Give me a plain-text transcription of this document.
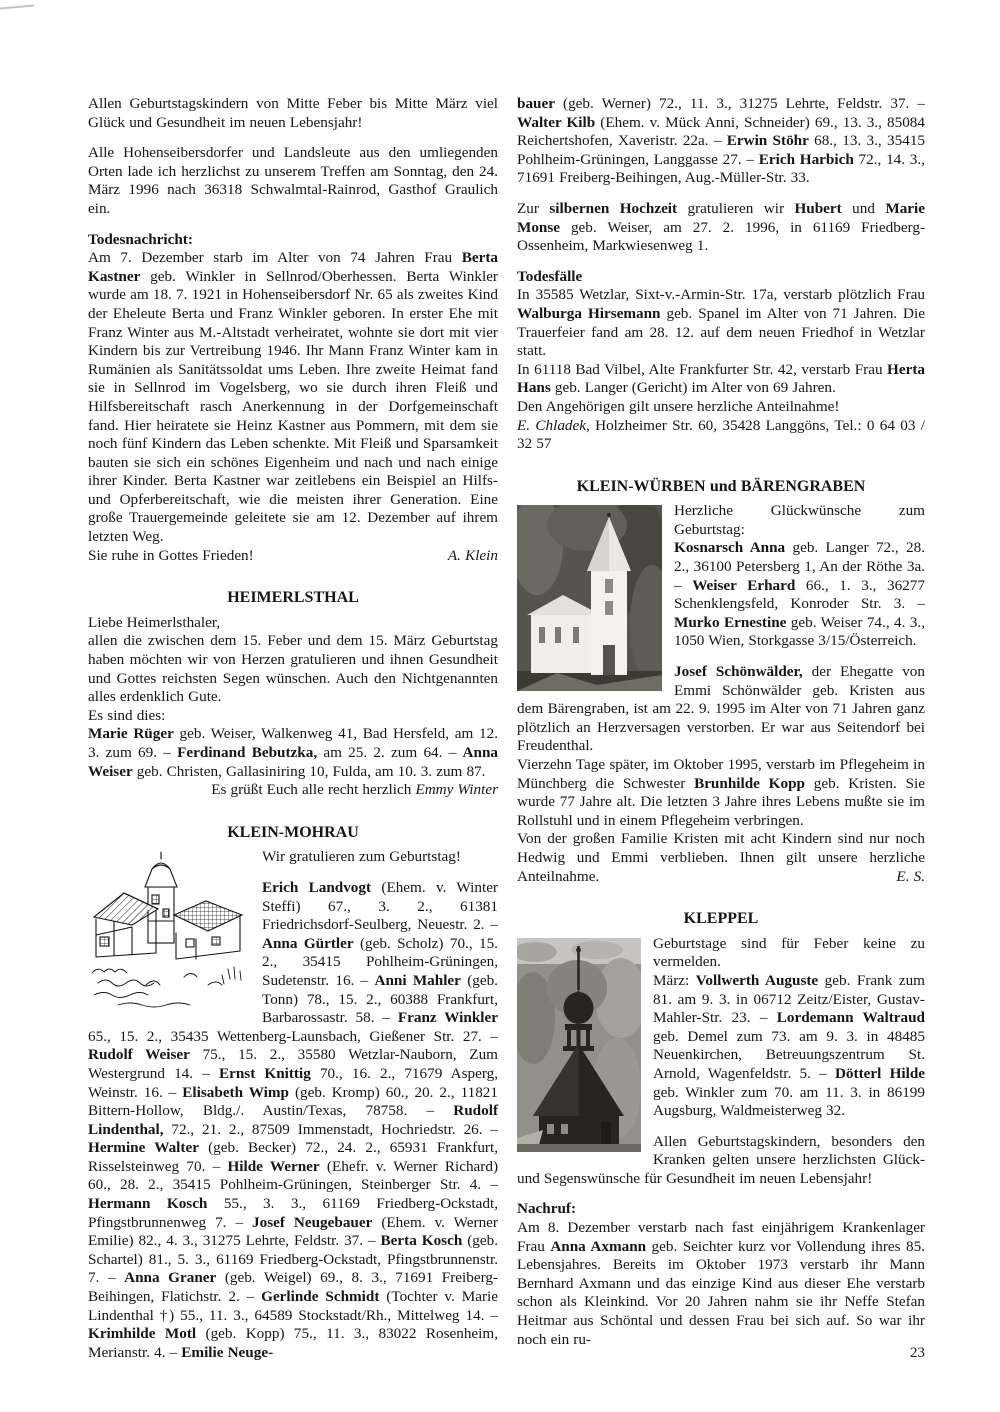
Allen Geburtstagskindern von Mitte Feber bis Mitte März viel Glück und Gesundheit im neuen Lebensjahr!

Alle Hohenseibersdorfer und Landsleute aus den umliegenden Orten lade ich herzlichst zu unserem Treffen am Sonntag, den 24. März 1996 nach 36318 Schwalmtal-Rainrod, Gasthof Graulich ein.

Todesnachricht:

Am 7. Dezember starb im Alter von 74 Jahren Frau Berta Kastner geb. Winkler in Sellnrod/Oberhessen. Berta Winkler wurde am 18. 7. 1921 in Hohenseibersdorf Nr. 65 als zweites Kind der Eheleute Berta und Franz Winkler geboren. In erster Ehe mit Franz Winter aus M.-Altstadt verheiratet, wohnte sie dort mit vier Kindern bis zur Vertreibung 1946. Ihr Mann Franz Winter kam in Rumänien als Sanitätssoldat ums Leben. Ihre zweite Heimat fand sie in Sellnrod im Vogelsberg, wo sie durch ihren Fleiß und Hilfsbereitschaft rasch Anerkennung in der Dorfgemeinschaft fand. Hier heiratete sie Heinz Kastner aus Pommern, mit dem sie noch fünf Kindern das Leben schenkte. Mit Fleiß und Sparsamkeit bauten sie sich ein schönes Eigenheim und nach und nach einige ihrer Kinder. Berta Kastner war zeitlebens ein Beispiel an Hilfs- und Opferbereitschaft, wie die meisten ihrer Generation. Eine große Trauergemeinde geleitete sie am 12. Dezember auf ihrem letzten Weg.

Sie ruhe in Gottes Frieden!	A. Klein

HEIMERLSTHAL

Liebe Heimerlsthaler,

allen die zwischen dem 15. Feber und dem 15. März Geburtstag haben möchten wir von Herzen gratulieren und ihnen Gesundheit und Gottes reichsten Segen wünschen. Auch den Nichtgenannten alles erdenklich Gute.

Es sind dies:

Marie Rüger geb. Weiser, Walkenweg 41, Bad Hersfeld, am 12. 3. zum 69. – Ferdinand Bebutzka, am 25. 2. zum 64. – Anna Weiser geb. Christen, Gallasiniring 10, Fulda, am 10. 3. zum 87.

Es grüßt Euch alle recht herzlich Emmy Winter

KLEIN-MOHRAU

Wir gratulieren zum Geburtstag!

Erich Landvogt (Ehem. v. Winter Steffi) 67., 3. 2., 61381 Friedrichsdorf-Seulberg, Neuestr. 2. – Anna Gürtler (geb. Scholz) 70., 15. 2., 35415 Pohlheim-Grüningen, Sudetenstr. 16. – Anni Mahler (geb. Tonn) 78., 15. 2., 60388 Frankfurt, Barbarossastr. 58. – Franz Winkler 65., 15. 2., 35435 Wettenberg-Launsbach, Gießener Str. 27. – Rudolf Weiser 75., 15. 2., 35580 Wetzlar-Nauborn, Zum Westergrund 14. – Ernst Knittig 70., 16. 2., 71679 Asperg, Weinstr. 16. – Elisabeth Wimp (geb. Kromp) 60., 20. 2., 11821 Bittern-Hollow, Bldg./. Austin/Texas, 78758. – Rudolf Lindenthal, 72., 21. 2., 87509 Immenstadt, Hochriedstr. 26. – Hermine Walter (geb. Becker) 72., 24. 2., 65931 Frankfurt, Risselsteinweg 70. – Hilde Werner (Ehefr. v. Werner Richard) 60., 28. 2., 35415 Pohlheim-Grüningen, Steinberger Str. 4. – Hermann Kosch 55., 3. 3., 61169 Friedberg-Ockstadt, Pfingstbrunnenweg 7. – Josef Neugebauer (Ehem. v. Werner Emilie) 82., 4. 3., 31275 Lehrte, Feldstr. 37. – Berta Kosch (geb. Schartel) 81., 5. 3., 61169 Friedberg-Ockstadt, Pfingstbrunnenstr. 7. – Anna Graner (geb. Weigel) 69., 8. 3., 71691 Freiberg-Beihingen, Flatichstr. 2. – Gerlinde Schmidt (Tochter v. Marie Lindenthal †) 55., 11. 3., 64589 Stockstadt/Rh., Mittelweg 14. – Krimhilde Motl (geb. Kopp) 75., 11. 3., 83022 Rosenheim, Merianstr. 4. – Emilie Neuge-

bauer (geb. Werner) 72., 11. 3., 31275 Lehrte, Feldstr. 37. – Walter Kilb (Ehem. v. Mück Anni, Schneider) 69., 13. 3., 85084 Reichertshofen, Xaveristr. 22a. – Erwin Stöhr 68., 13. 3., 35415 Pohlheim-Grüningen, Langgasse 27. – Erich Harbich 72., 14. 3., 71691 Freiberg-Beihingen, Aug.-Müller-Str. 33.

Zur silbernen Hochzeit gratulieren wir Hubert und Marie Monse geb. Weiser, am 27. 2. 1996, in 61169 Friedberg-Ossenheim, Markwiesenweg 1.

Todesfälle

In 35585 Wetzlar, Sixt-v.-Armin-Str. 17a, verstarb plötzlich Frau Walburga Hirsemann geb. Spanel im Alter von 71 Jahren. Die Trauerfeier fand am 28. 12. auf dem neuen Friedhof in Wetzlar statt.

In 61118 Bad Vilbel, Alte Frankfurter Str. 42, verstarb Frau Herta Hans geb. Langer (Gericht) im Alter von 69 Jahren.

Den Angehörigen gilt unsere herzliche Anteilnahme!

E. Chladek, Holzheimer Str. 60, 35428 Langgöns, Tel.: 0 64 03 / 32 57

KLEIN-WÜRBEN und BÄRENGRABEN

Herzliche Glückwünsche zum Geburtstag:

Kosnarsch Anna geb. Langer 72., 28. 2., 36100 Petersberg 1, An der Röthe 3a. – Weiser Erhard 66., 1. 3., 36277 Schenklengsfeld, Konroder Str. 3. – Murko Ernestine geb. Weiser 74., 4. 3., 1050 Wien, Storkgasse 3/15/Österreich.

Josef Schönwälder, der Ehegatte von Emmi Schönwälder geb. Kristen aus dem Bärengraben, ist am 22. 9. 1995 im Alter von 71 Jahren ganz plötzlich an Herzversagen verstorben. Er war aus Seitendorf bei Freudenthal.

Vierzehn Tage später, im Oktober 1995, verstarb im Pflegeheim in Münchberg die Schwester Brunhilde Kopp geb. Kristen. Sie wurde 77 Jahre alt. Die letzten 3 Jahre ihres Lebens mußte sie im Rollstuhl und in einem Pflegeheim verbringen.

Von der großen Familie Kristen mit acht Kindern sind nur noch Hedwig und Emmi verblieben. Ihnen gilt unsere herzliche Anteilnahme.	E. S.

KLEPPEL

Geburtstage sind für Feber keine zu vermelden.

März: Vollwerth Auguste geb. Frank zum 81. am 9. 3. in 06712 Zeitz/Eister, Gustav-Mahler-Str. 23. – Lordemann Waltraud geb. Demel zum 73. am 9. 3. in 48485 Neuenkirchen, Betreuungszentrum St. Arnold, Wagenfeldstr. 5. – Dötterl Hilde geb. Winkler zum 70. am 11. 3. in 86199 Augsburg, Waldmeisterweg 32.

Allen Geburtstagskindern, besonders den Kranken gelten unsere herzlichsten Glück- und Segenswünsche für Gesundheit im neuen Lebensjahr!

Nachruf:

Am 8. Dezember verstarb nach fast einjährigem Krankenlager Frau Anna Axmann geb. Seichter kurz vor Vollendung ihres 85. Lebensjahres. Bereits im Oktober 1973 verstarb ihr Mann Bernhard Axmann und das einzige Kind aus dieser Ehe verstarb schon als Kleinkind. Vor 20 Jahren nahm sie ihr Neffe Stefan Heitmar aus Schöntal und dessen Frau bei sich auf. So war ihr noch ein ru-

23
